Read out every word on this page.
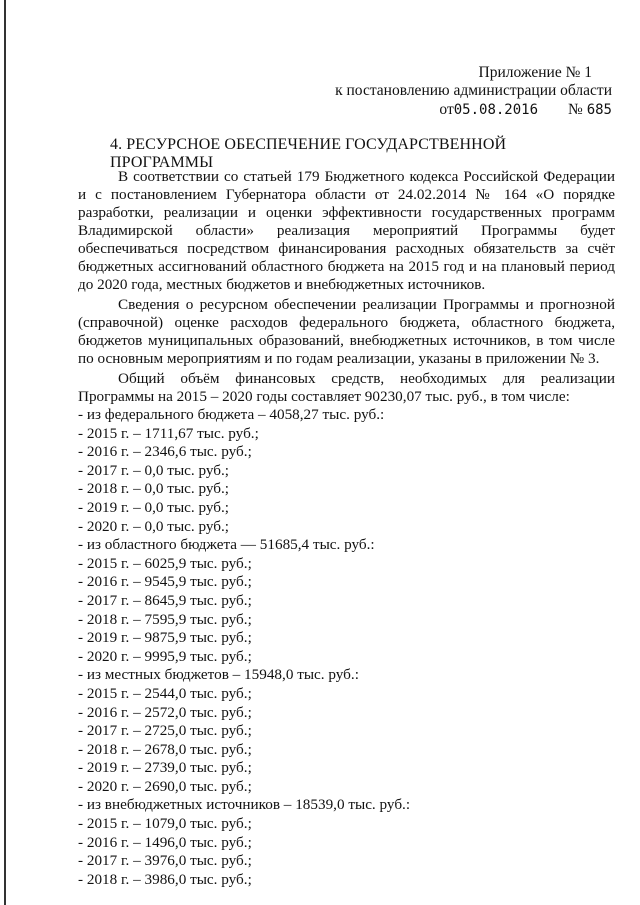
Приложение № 1
к постановлению администрации области
от05.08.2016 № 685
4. РЕСУРСНОЕ ОБЕСПЕЧЕНИЕ ГОСУДАРСТВЕННОЙ ПРОГРАММЫ

В соответствии со статьей 179 Бюджетного кодекса Российской Федерации и с постановлением Губернатора области от 24.02.2014 № 164 «О порядке разработки, реализации и оценки эффективности государственных программ Владимирской области» реализация мероприятий Программы будет обеспечиваться посредством финансирования расходных обязательств за счёт бюджетных ассигнований областного бюджета на 2015 год и на плановый период до 2020 года, местных бюджетов и внебюджетных источников.

Сведения о ресурсном обеспечении реализации Программы и прогнозной (справочной) оценке расходов федерального бюджета, областного бюджета, бюджетов муниципальных образований, внебюджетных источников, в том числе по основным мероприятиям и по годам реализации, указаны в приложении № 3.

Общий объём финансовых средств, необходимых для реализации Программы на 2015 – 2020 годы составляет 90230,07 тыс. руб., в том числе:

- из федерального бюджета – 4058,27 тыс. руб.:
- 2015 г. – 1711,67 тыс. руб.;
- 2016 г. – 2346,6 тыс. руб.;
- 2017 г. – 0,0 тыс. руб.;
- 2018 г. – 0,0 тыс. руб.;
- 2019 г. – 0,0 тыс. руб.;
- 2020 г. – 0,0 тыс. руб.;
- из областного бюджета — 51685,4 тыс. руб.:
- 2015 г. – 6025,9 тыс. руб.;
- 2016 г. – 9545,9 тыс. руб.;
- 2017 г. – 8645,9 тыс. руб.;
- 2018 г. – 7595,9 тыс. руб.;
- 2019 г. – 9875,9 тыс. руб.;
- 2020 г. – 9995,9 тыс. руб.;
- из местных бюджетов – 15948,0 тыс. руб.:
- 2015 г. – 2544,0 тыс. руб.;
- 2016 г. – 2572,0 тыс. руб.;
- 2017 г. – 2725,0 тыс. руб.;
- 2018 г. – 2678,0 тыс. руб.;
- 2019 г. – 2739,0 тыс. руб.;
- 2020 г. – 2690,0 тыс. руб.;
- из внебюджетных источников – 18539,0 тыс. руб.:
- 2015 г. – 1079,0 тыс. руб.;
- 2016 г. – 1496,0 тыс. руб.;
- 2017 г. – 3976,0 тыс. руб.;
- 2018 г. – 3986,0 тыс. руб.;
